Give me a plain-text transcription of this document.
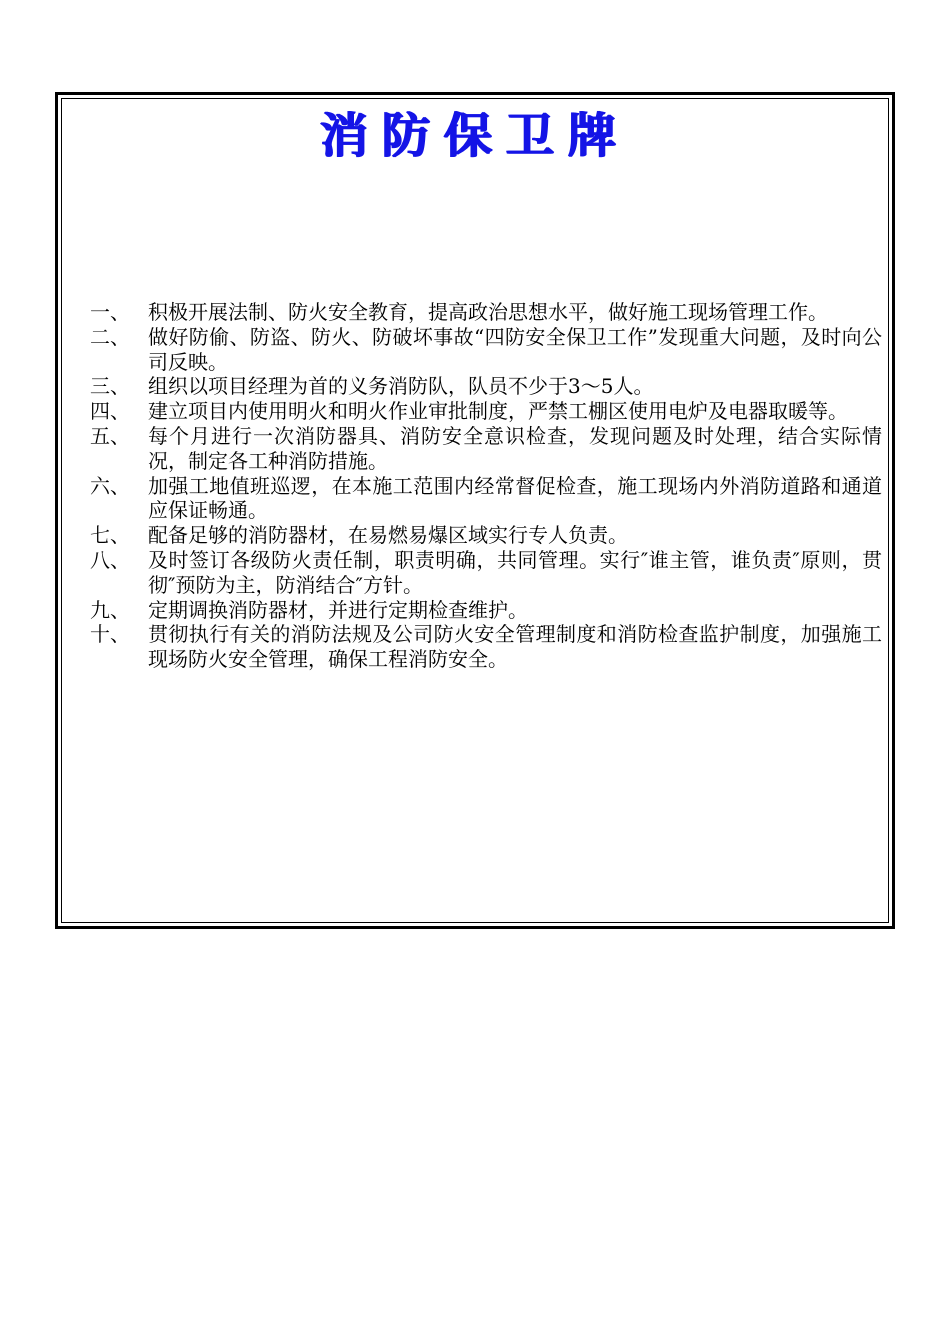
消防保卫牌
一、 积极开展法制、防火安全教育，提高政治思想水平，做好施工现场管理工作。
二、 做好防偷、防盗、防火、防破坏事故“四防安全保卫工作”发现重大问题，及时向公司反映。
三、 组织以项目经理为首的义务消防队，队员不少于3～5人。
四、 建立项目内使用明火和明火作业审批制度，严禁工棚区使用电炉及电器取暖等。
五、 每个月进行一次消防器具、消防安全意识检查，发现问题及时处理，结合实际情况，制定各工种消防措施。
六、 加强工地值班巡逻，在本施工范围内经常督促检查，施工现场内外消防道路和通道应保证畅通。
七、 配备足够的消防器材，在易燃易爆区域实行专人负责。
八、 及时签订各级防火责任制，职责明确，共同管理。实行″谁主管，谁负责″原则，贯彻″预防为主，防消结合″方针。
九、 定期调换消防器材，并进行定期检查维护。
十、 贯彻执行有关的消防法规及公司防火安全管理制度和消防检查监护制度，加强施工现场防火安全管理，确保工程消防安全。
